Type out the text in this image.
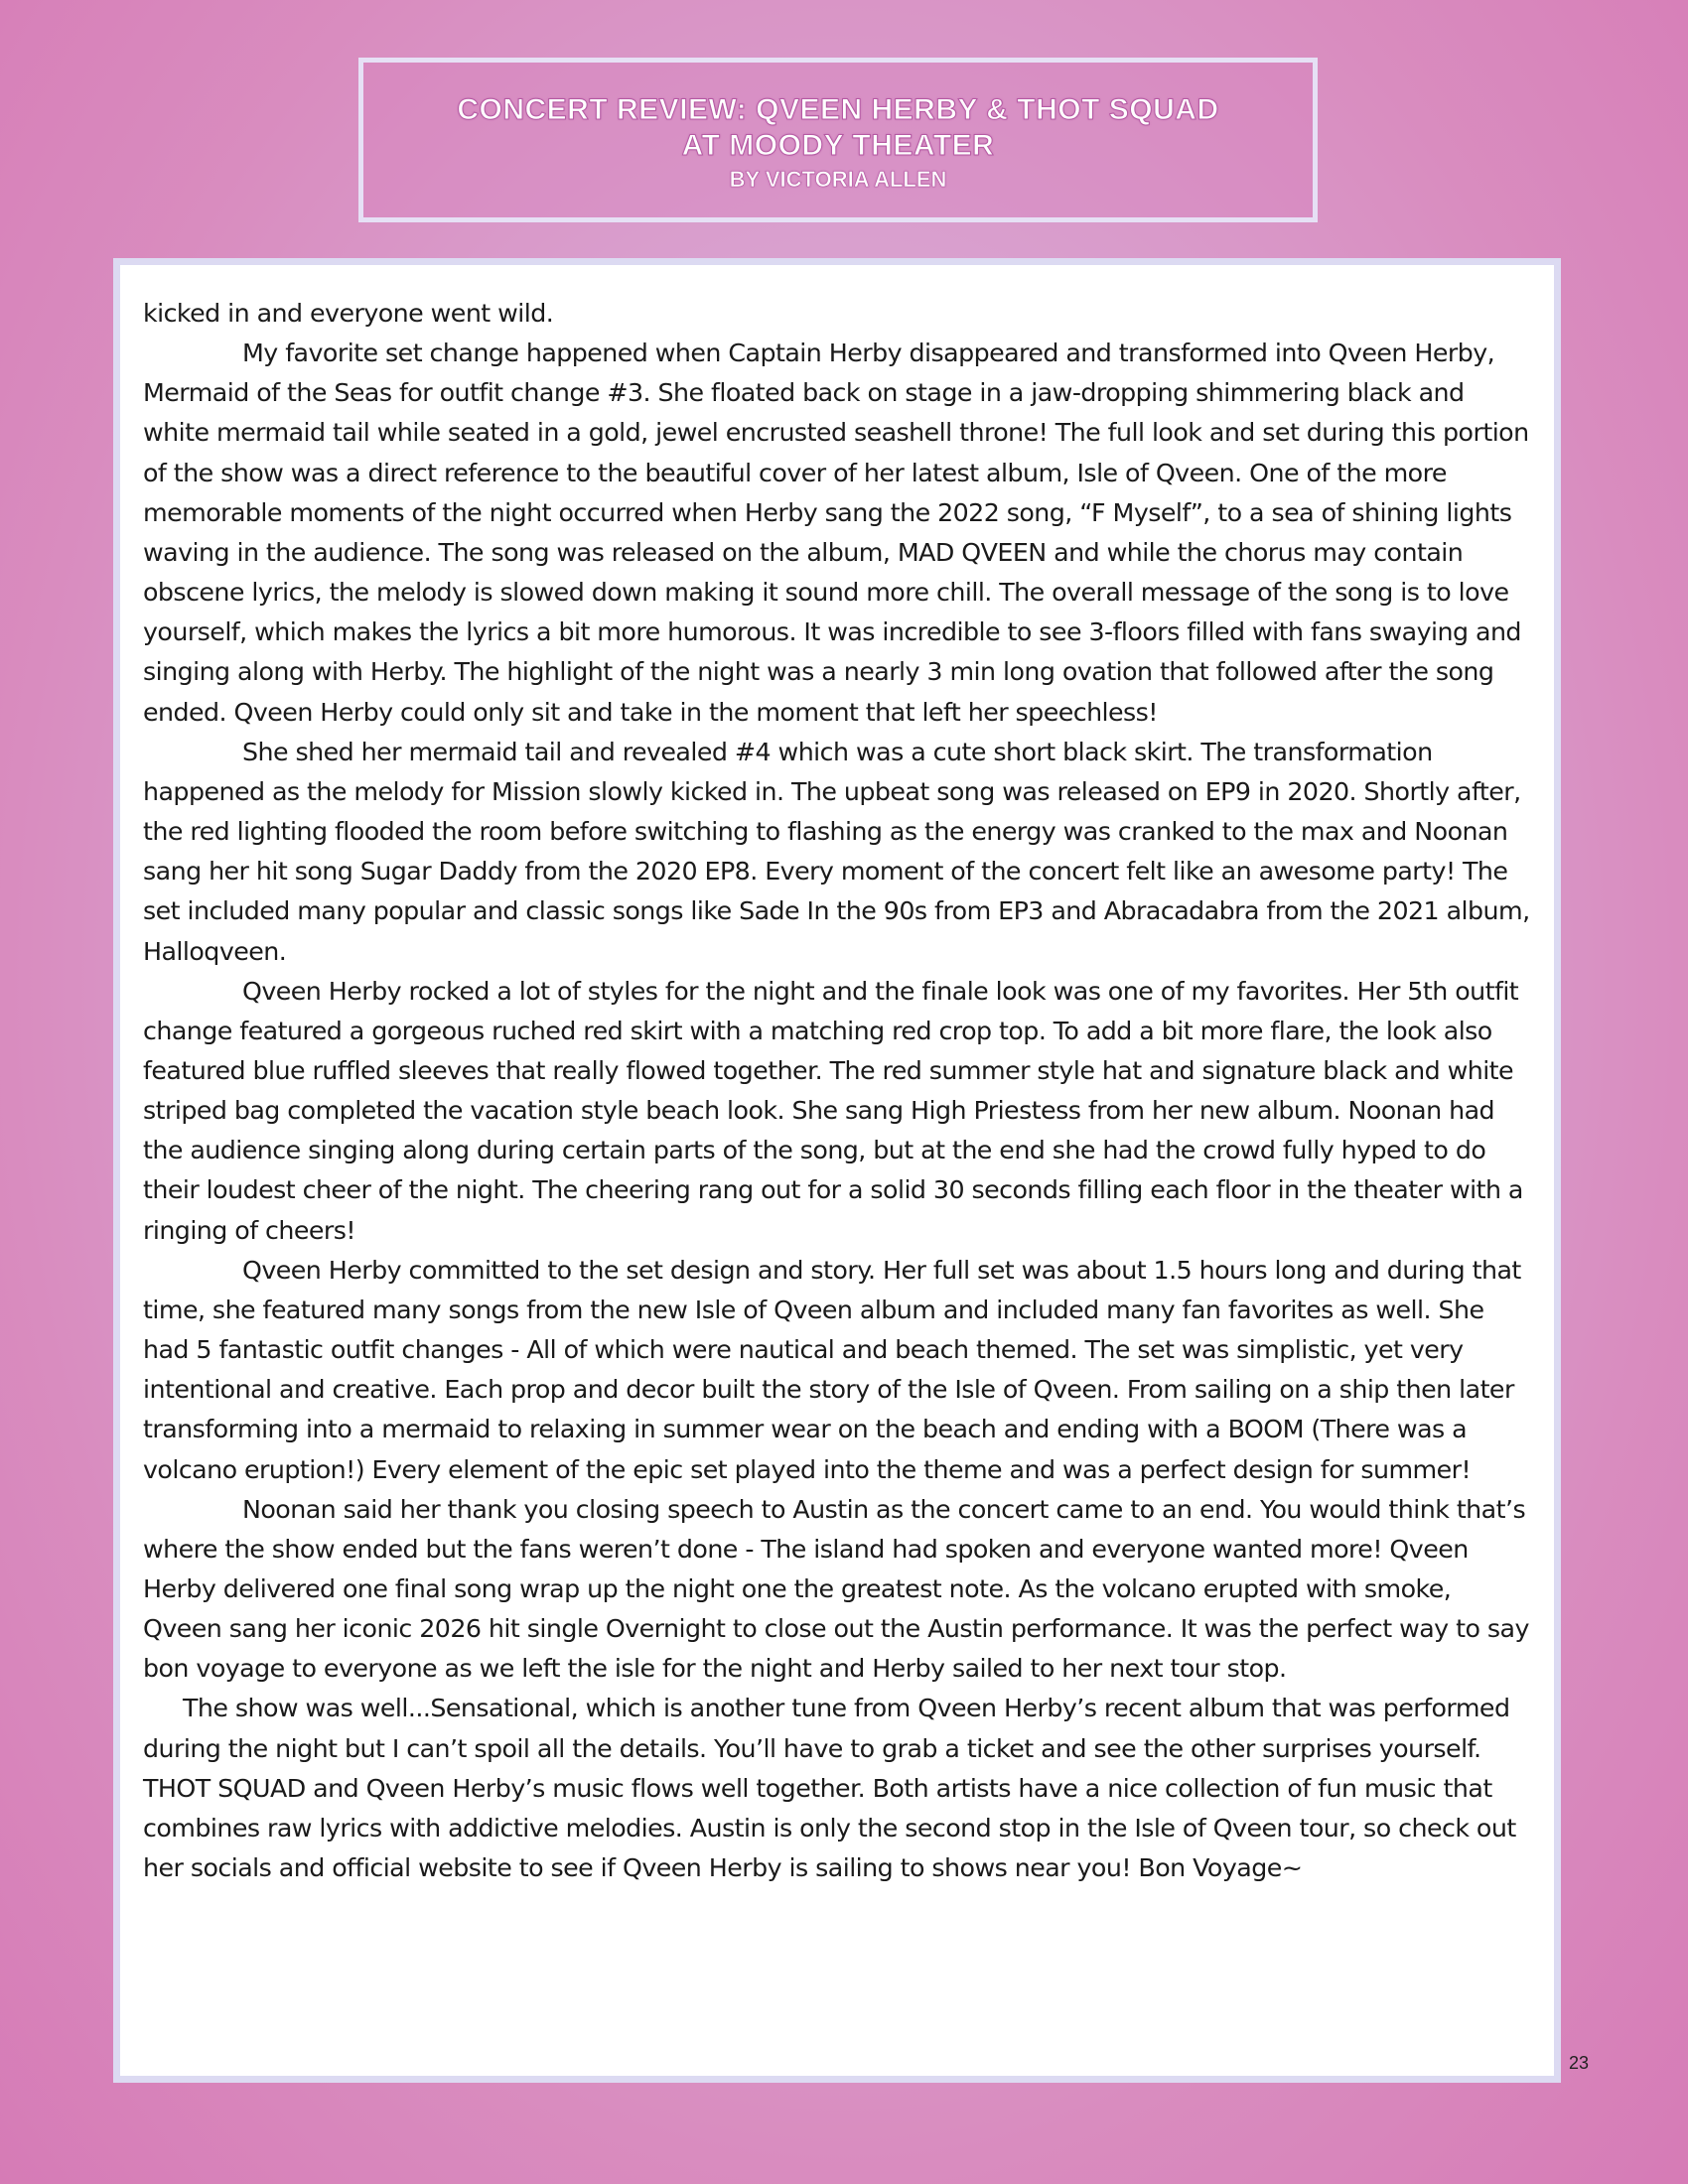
CONCERT REVIEW: QVEEN HERBY & THOT SQUAD
AT MOODY THEATER
BY VICTORIA ALLEN

kicked in and everyone went wild.

My favorite set change happened when Captain Herby disappeared and transformed into Qveen Herby, Mermaid of the Seas for outfit change #3. She floated back on stage in a jaw-dropping shimmering black and white mermaid tail while seated in a gold, jewel encrusted seashell throne! The full look and set during this portion of the show was a direct reference to the beautiful cover of her latest album, Isle of Qveen. One of the more memorable moments of the night occurred when Herby sang the 2022 song, “F Myself”, to a sea of shining lights waving in the audience. The song was released on the album, MAD QVEEN and while the chorus may contain obscene lyrics, the melody is slowed down making it sound more chill. The overall message of the song is to love yourself, which makes the lyrics a bit more humorous. It was incredible to see 3-floors filled with fans swaying and singing along with Herby. The highlight of the night was a nearly 3 min long ovation that followed after the song ended. Qveen Herby could only sit and take in the moment that left her speechless!

She shed her mermaid tail and revealed #4 which was a cute short black skirt. The transformation happened as the melody for Mission slowly kicked in. The upbeat song was released on EP9 in 2020. Shortly after, the red lighting flooded the room before switching to flashing as the energy was cranked to the max and Noonan sang her hit song Sugar Daddy from the 2020 EP8. Every moment of the concert felt like an awesome party! The set included many popular and classic songs like Sade In the 90s from EP3 and Abracadabra from the 2021 album, Halloqveen.

Qveen Herby rocked a lot of styles for the night and the finale look was one of my favorites. Her 5th outfit change featured a gorgeous ruched red skirt with a matching red crop top. To add a bit more flare, the look also featured blue ruffled sleeves that really flowed together. The red summer style hat and signature black and white striped bag completed the vacation style beach look. She sang High Priestess from her new album. Noonan had the audience singing along during certain parts of the song, but at the end she had the crowd fully hyped to do their loudest cheer of the night. The cheering rang out for a solid 30 seconds filling each floor in the theater with a ringing of cheers!

Qveen Herby committed to the set design and story. Her full set was about 1.5 hours long and during that time, she featured many songs from the new Isle of Qveen album and included many fan favorites as well. She had 5 fantastic outfit changes - All of which were nautical and beach themed. The set was simplistic, yet very intentional and creative. Each prop and decor built the story of the Isle of Qveen. From sailing on a ship then later transforming into a mermaid to relaxing in summer wear on the beach and ending with a BOOM (There was a volcano eruption!) Every element of the epic set played into the theme and was a perfect design for summer!

Noonan said her thank you closing speech to Austin as the concert came to an end. You would think that’s where the show ended but the fans weren’t done - The island had spoken and everyone wanted more! Qveen Herby delivered one final song wrap up the night one the greatest note. As the volcano erupted with smoke, Qveen sang her iconic 2026 hit single Overnight to close out the Austin performance. It was the perfect way to say bon voyage to everyone as we left the isle for the night and Herby sailed to her next tour stop.

The show was well...Sensational, which is another tune from Qveen Herby’s recent album that was performed during the night but I can’t spoil all the details. You’ll have to grab a ticket and see the other surprises yourself. THOT SQUAD and Qveen Herby’s music flows well together. Both artists have a nice collection of fun music that combines raw lyrics with addictive melodies. Austin is only the second stop in the Isle of Qveen tour, so check out her socials and official website to see if Qveen Herby is sailing to shows near you! Bon Voyage~

23
